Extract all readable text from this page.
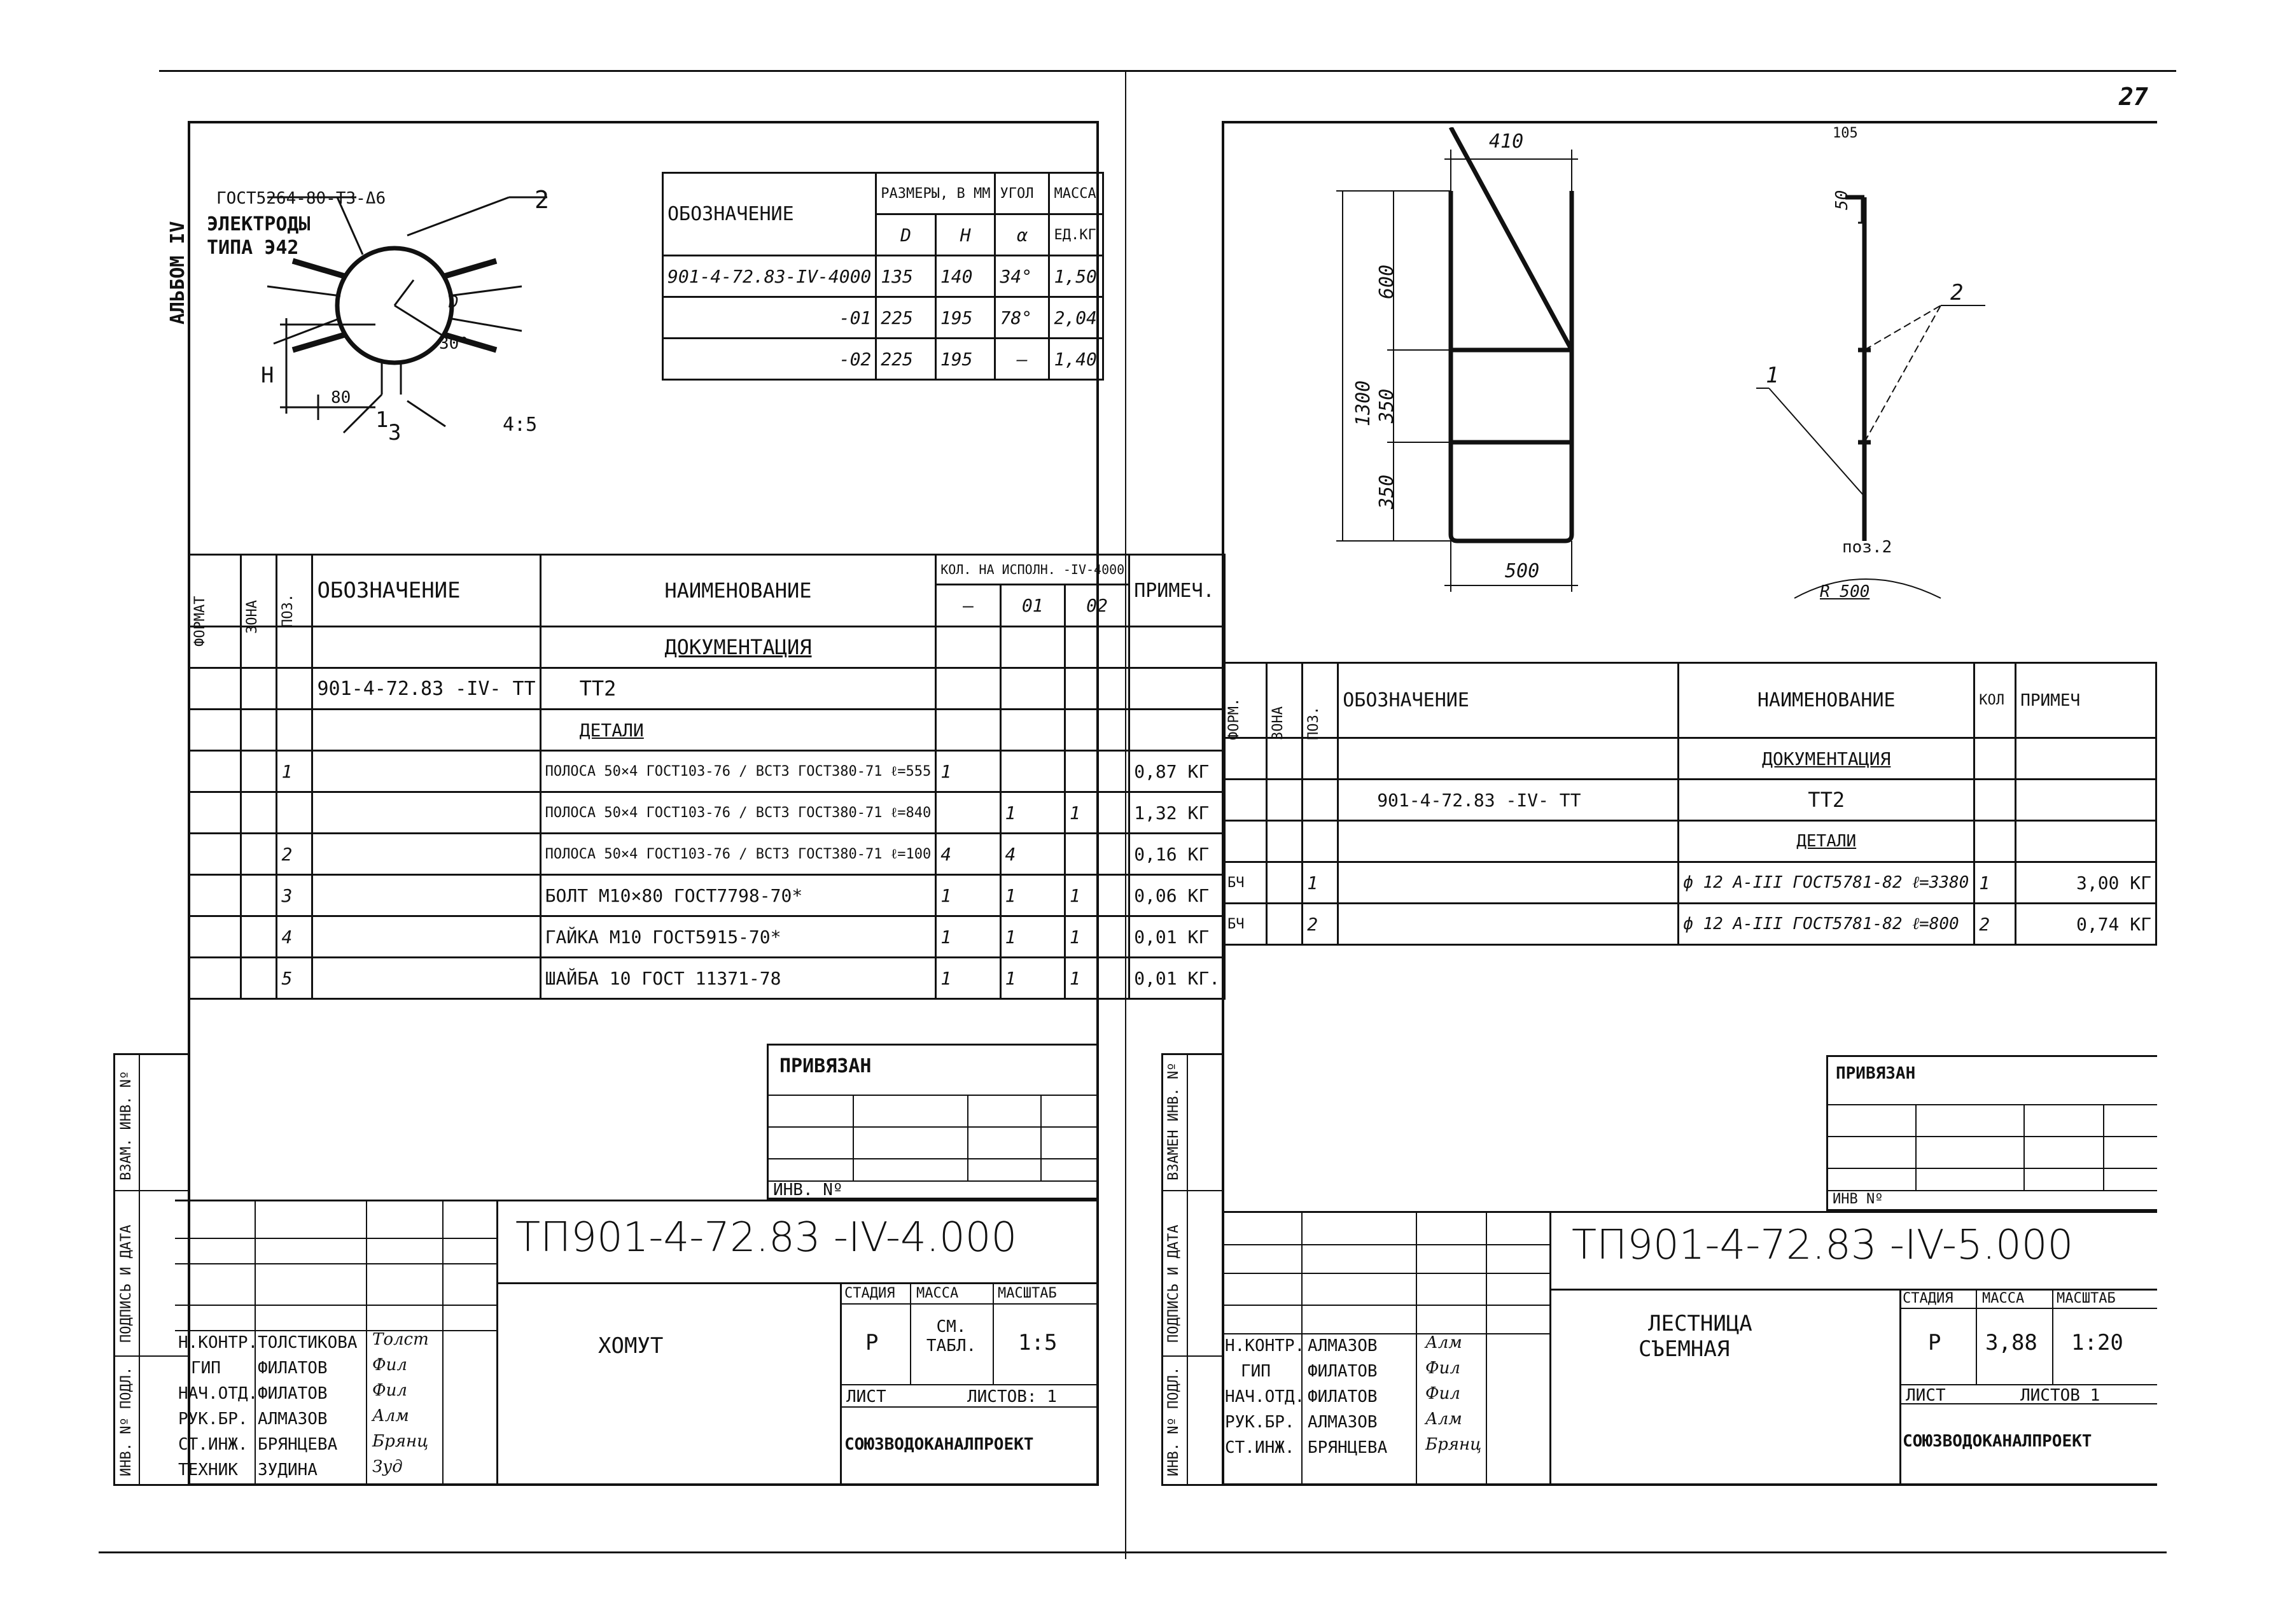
27
АЛЬБОМ IV
ГОСТ5264-80-Т3-Δ6
ЭЛЕКТРОДЫ
ТИПА Э42
2
1 3
H
80
4:5
30°
D
ОБОЗНАЧЕНИЕ	РАЗМЕРЫ, В ММ		УГОЛ	МАССА
	D	H	α	ЕД.КГ
901-4-72.83-IV-4000	135	140	34°	1,50
-01	225	195	78°	2,04
-02	225	195	—	1,40
ФОРМАТ	ЗОНА	ПОЗ.	ОБОЗНАЧЕНИЕ	НАИМЕНОВАНИЕ	КОЛ. НА ИСПОЛН. -IV-4000			ПРИМЕЧ.
					—	01	02	
				ДОКУМЕНТАЦИЯ				
			901-4-72.83 -IV- ТТ	ТТ2				
				ДЕТАЛИ				
		1		ПОЛОСА 50×4 ГОСТ103-76 / ВСТ3 ГОСТ380-71 ℓ=555	1			0,87 КГ
				ПОЛОСА 50×4 ГОСТ103-76 / ВСТ3 ГОСТ380-71 ℓ=840		1	1	1,32 КГ
		2		ПОЛОСА 50×4 ГОСТ103-76 / ВСТ3 ГОСТ380-71 ℓ=100	4	4		0,16 КГ
		3		БОЛТ М10×80 ГОСТ7798-70*	1	1	1	0,06 КГ
		4		ГАЙКА М10 ГОСТ5915-70*	1	1	1	0,01 КГ
		5		ШАЙБА 10 ГОСТ 11371-78	1	1	1	0,01 КГ.
ИНВ. Nº ПОДЛ.
ПОДПИСЬ И ДАТА
ВЗАМ. ИНВ. Nº
ПРИВЯЗАН
ИНВ. Nº
ТП901-4-72.83 -IV-4.000
ХОМУТ
СТАДИЯ МАССА	МАСШТАБ
Р
СМ. ТАБЛ.	1:5
ЛИСТ	ЛИСТОВ: 1
СОЮЗВОДОКАНАЛПРОЕКТ
Н.КОНТР. ТОЛСТИКОВА Толст
ГИП ФИЛАТОВ	Фил
НАЧ.ОТД. ФИЛАТОВ	Фил
РУК.БР. АЛМАЗОВ	Алм
СТ.ИНЖ. БРЯНЦЕВА Брянц
ТЕХНИК ЗУДИНА	Зуд
410
1300
600
350
350
500
50
105
1
2
поз.2
R 500
ФОРМ.	ЗОНА	ПОЗ.	ОБОЗНАЧЕНИЕ	НАИМЕНОВАНИЕ	КОЛ	ПРИМЕЧ
				ДОКУМЕНТАЦИЯ		
			901-4-72.83 -IV- ТТ	ТТ2		
				ДЕТАЛИ		
БЧ		1		ф 12 А-III ГОСТ5781-82 ℓ=3380	1	3,00 КГ
БЧ		2		ф 12 А-III ГОСТ5781-82 ℓ=800	2	0,74 КГ
ИНВ. Nº ПОДЛ.
ПОДПИСЬ И ДАТА
ВЗАМЕН ИНВ. Nº	ПРИВЯЗАН
ИНВ Nº
ТП901-4-72.83 -IV-5.000
ЛЕСТНИЦА
СЪЕМНАЯ
СТАДИЯ МАССА МАСШТАБ
Р 3,88 1:20
ЛИСТ	ЛИСТОВ 1
СОЮЗВОДОКАНАЛПРОЕКТ
Н.КОНТР. АЛМАЗОВ	Алм
ГИП ФИЛАТОВ	Фил
НАЧ.ОТД. ФИЛАТОВ	Фил
РУК.БР. АЛМАЗОВ	Алм
СТ.ИНЖ. БРЯНЦЕВА Брянц
